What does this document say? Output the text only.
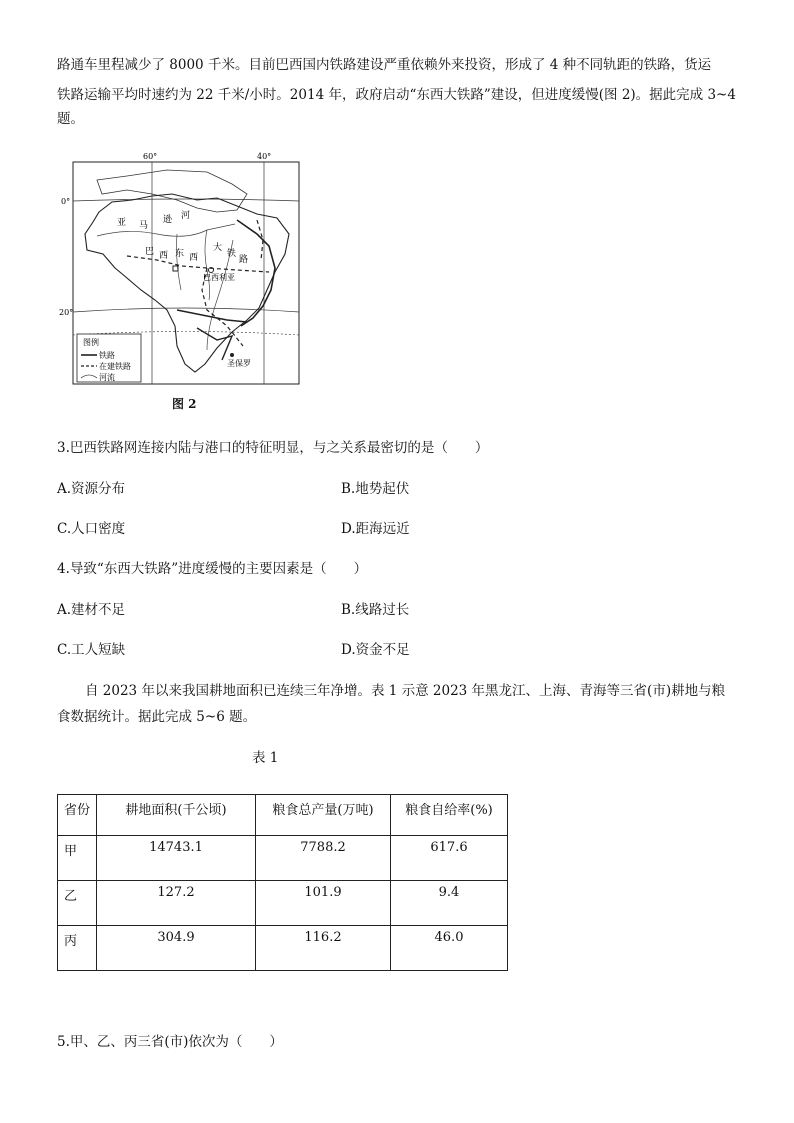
路通车里程减少了 8000 千米。目前巴西国内铁路建设严重依赖外来投资，形成了 4 种不同轨距的铁路，货运

铁路运输平均时速约为 22 千米/小时。2014 年，政府启动“东西大铁路”建设，但进度缓慢(图 2)。据此完成 3~4

题。

60°	40°
0°
20°
亚 马
逊 河
巴 西 东 西
大
铁
路
巴西利亚
圣保罗
图例
铁路
在建铁路
河流
图 2

3.巴西铁路网连接内陆与港口的特征明显，与之关系最密切的是（　　）

A.资源分布	B.地势起伏

C.人口密度	D.距海远近

4.导致“东西大铁路”进度缓慢的主要因素是（　　）

A.建材不足	B.线路过长

C.工人短缺	D.资金不足

自 2023 年以来我国耕地面积已连续三年净增。表 1 示意 2023 年黑龙江、上海、青海等三省(市)耕地与粮

食数据统计。据此完成 5~6 题。

表 1
省份	耕地面积(千公顷)	粮食总产量(万吨)	粮食自给率(%)
甲	14743.1	7788.2	617.6
乙	127.2	101.9	9.4
丙	304.9	116.2	46.0

5.甲、乙、丙三省(市)依次为（　　）
